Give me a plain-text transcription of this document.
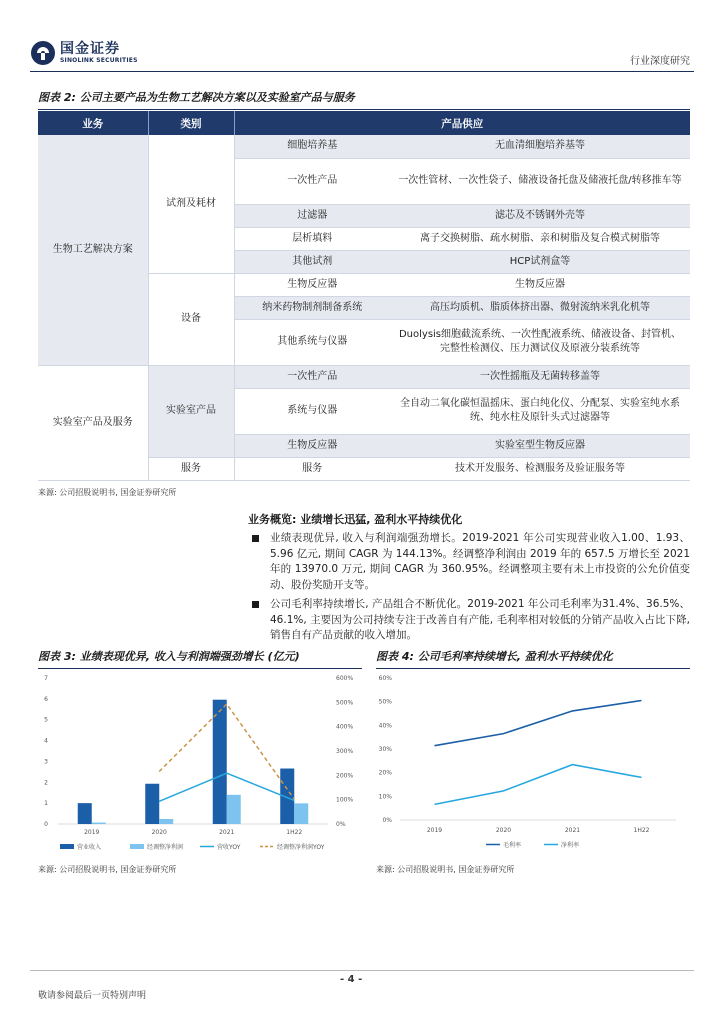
国金证券
SINOLINK SECURITIES	行业深度研究
图表 2: 公司主要产品为生物工艺解决方案以及实验室产品与服务
业务	类别	产品供应	
生物工艺解决方案	试剂及耗材	细胞培养基	无血清细胞培养基等
		一次性产品	一次性管材、一次性袋子、储液设备托盘及储液托盘/转移推车等
		过滤器	滤芯及不锈钢外壳等
		层析填料	离子交换树脂、疏水树脂、亲和树脂及复合模式树脂等
		其他试剂	HCP试剂盒等
	设备	生物反应器	生物反应器
		纳米药物制剂制备系统	高压均质机、脂质体挤出器、微射流纳米乳化机等
		其他系统与仪器	Duolysis细胞截流系统、一次性配液系统、储液设备、封管机、完整性检测仪、压力测试仪及原液分装系统等
实验室产品及服务	实验室产品	一次性产品	一次性摇瓶及无菌转移盖等
		系统与仪器	全自动二氧化碳恒温摇床、蛋白纯化仪、分配泵、实验室纯水系统、纯水柱及原针头式过滤器等
		生物反应器	实验室型生物反应器
	服务	服务	技术开发服务、检测服务及验证服务等
来源: 公司招股说明书, 国金证券研究所
业务概览: 业绩增长迅猛, 盈利水平持续优化
业绩表现优异, 收入与利润端强劲增长。2019-2021 年公司实现营业收入1.00、1.93、5.96 亿元, 期间 CAGR 为 144.13%。经调整净利润由 2019 年的 657.5 万增长至 2021 年的 13970.0 万元, 期间 CAGR 为 360.95%。经调整项主要有未上市投资的公允价值变动、股份奖励开支等。
公司毛利率持续增长, 产品组合不断优化。2019-2021 年公司毛利率为31.4%、36.5%、46.1%, 主要因为公司持续专注于改善自有产能, 毛利率相对较低的分销产品收入占比下降, 销售自有产品贡献的收入增加。
图表 3: 业绩表现优异, 收入与利润端强劲增长 (亿元)	图表 4: 公司毛利率持续增长, 盈利水平持续优化
0
1
2
3
4
5
6
7
0%
100%
200%
300%
400%
500%
600%
2019	2020	2021	1H22
营业收入	经调整净利润	营收YOY	经调整净利润YOY
0%
10%
20%
30%
40%
50%
60%
2019	2020	2021	1H22
毛利率	净利率
来源: 公司招股说明书, 国金证券研究所	来源: 公司招股说明书, 国金证券研究所
- 4 -
敬请参阅最后一页特别声明
